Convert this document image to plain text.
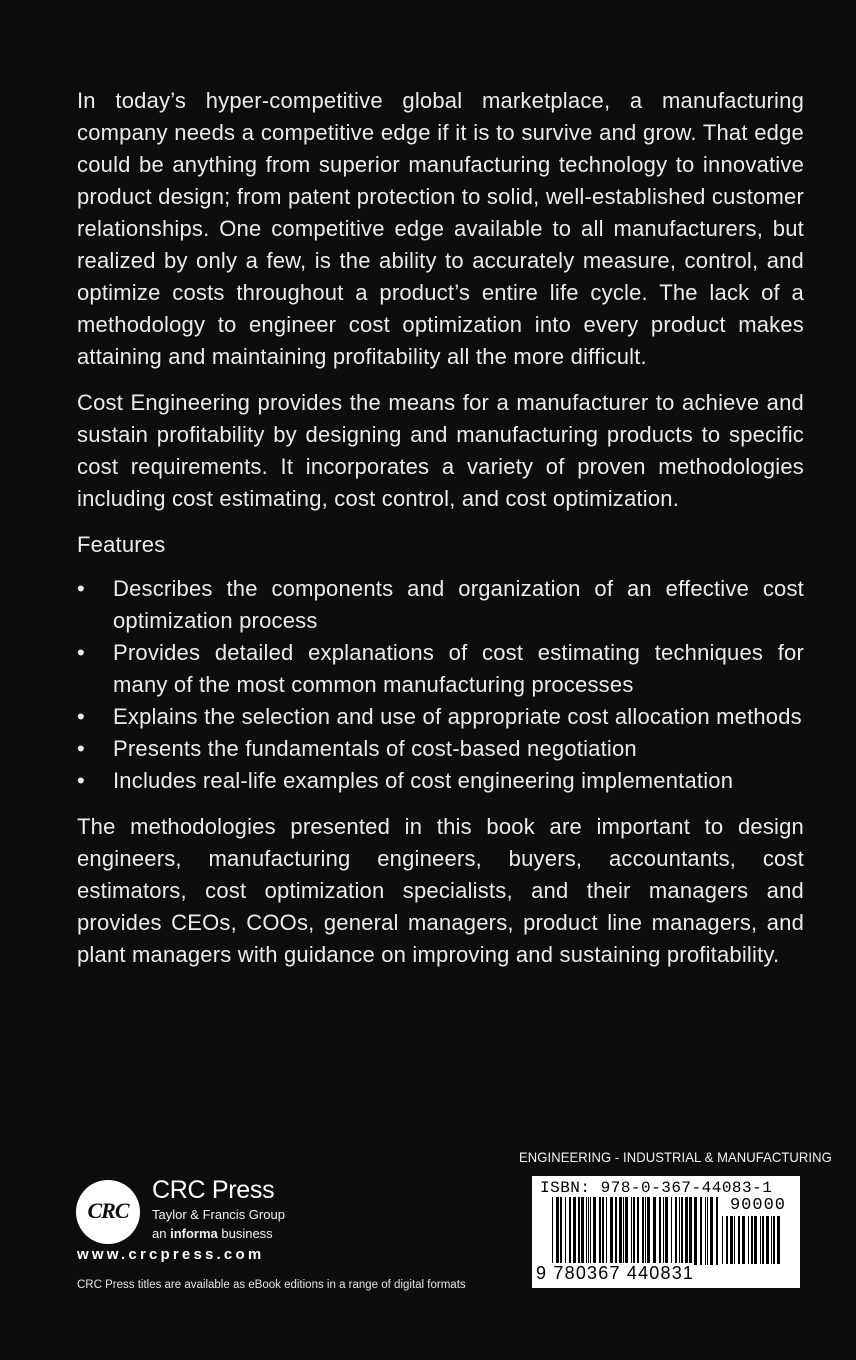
In today’s hyper-competitive global marketplace, a manufacturing company needs a competitive edge if it is to survive and grow. That edge could be anything from superior manufacturing technology to innovative product design; from patent protection to solid, well-established customer relationships. One competitive edge available to all manufacturers, but realized by only a few, is the ability to accurately measure, control, and optimize costs throughout a product’s entire life cycle. The lack of a methodology to engineer cost optimization into every product makes attaining and maintaining profitability all the more difficult.

Cost Engineering provides the means for a manufacturer to achieve and sustain profitability by designing and manufacturing products to specific cost requirements. It incorporates a variety of proven methodologies including cost estimating, cost control, and cost optimization.

Features

• Describes the components and organization of an effective cost optimization process
• Provides detailed explanations of cost estimating techniques for many of the most common manufacturing processes
• Explains the selection and use of appropriate cost allocation methods
• Presents the fundamentals of cost-based negotiation
• Includes real-life examples of cost engineering implementation

The methodologies presented in this book are important to design engineers, manufacturing engineers, buyers, accountants, cost estimators, cost optimization specialists, and their managers and provides CEOs, COOs, general managers, product line managers, and plant managers with guidance on improving and sustaining profitability.

CRC
CRC Press
Taylor & Francis Group
an informa business
www.crcpress.com
CRC Press titles are available as eBook editions in a range of digital formats
ENGINEERING - INDUSTRIAL & MANUFACTURING
ISBN: 978-0-367-44083-1
90000
9 780367 440831
